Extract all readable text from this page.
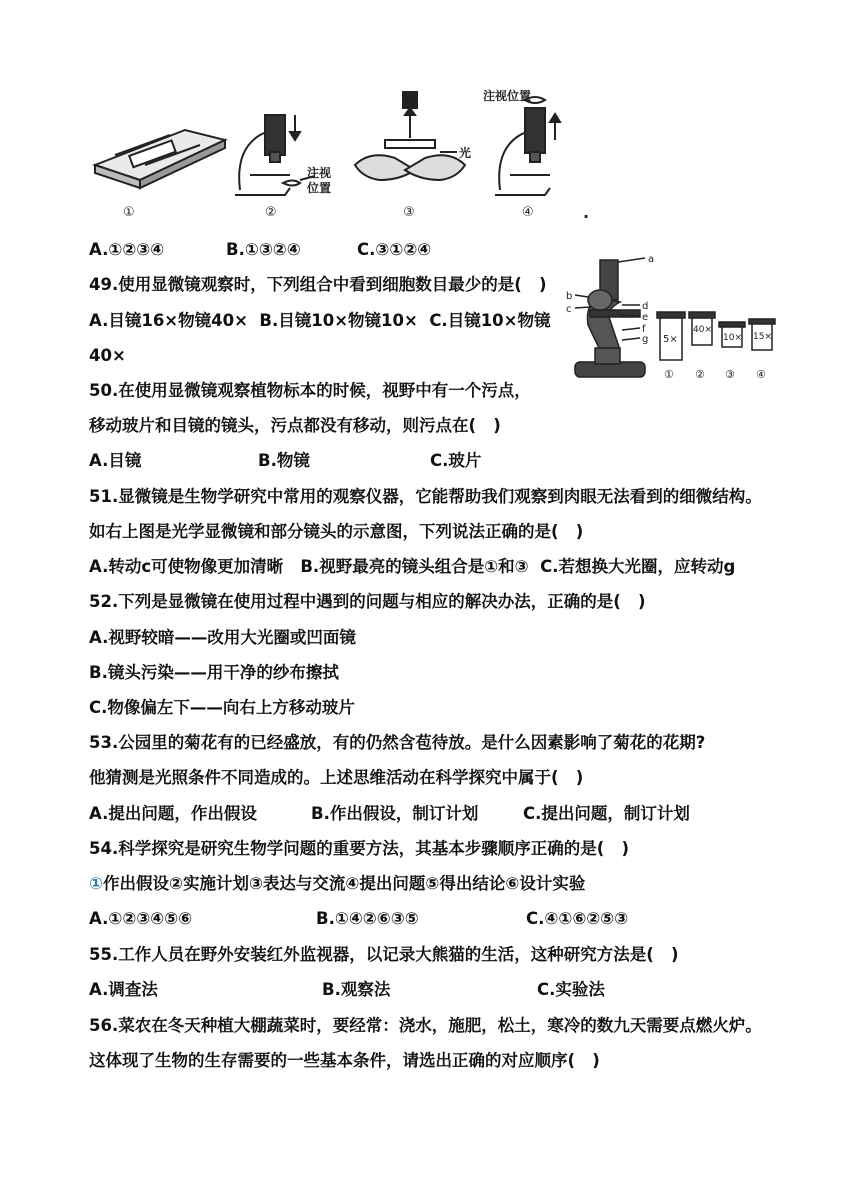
①
注视
位置
②
光
③
注视位置
④	.
A.①②③④	B.①③②④	C.③①②④
49.使用显微镜观察时，下列组合中看到细胞数目最少的是(   )
A.目镜16×物镜40×  B.目镜10×物镜10×  C.目镜10×物镜
40×
a
b
c	d
e
f
g 5×
40×
10× 15×
① ② ③ ④
50.在使用显微镜观察植物标本的时候，视野中有一个污点，
移动玻片和目镜的镜头，污点都没有移动，则污点在(   )
A.目镜	B.物镜	C.玻片
51.显微镜是生物学研究中常用的观察仪器，它能帮助我们观察到肉眼无法看到的细微结构。
如右上图是光学显微镜和部分镜头的示意图，下列说法正确的是(   )
A.转动c可使物像更加清晰   B.视野最亮的镜头组合是①和③  C.若想换大光圈，应转动g
52.下列是显微镜在使用过程中遇到的问题与相应的解决办法，正确的是(   )
A.视野较暗——改用大光圈或凹面镜
B.镜头污染——用干净的纱布擦拭
C.物像偏左下——向右上方移动玻片
53.公园里的菊花有的已经盛放，有的仍然含苞待放。是什么因素影响了菊花的花期?
他猜测是光照条件不同造成的。上述思维活动在科学探究中属于(   )
A.提出问题，作出假设	B.作出假设，制订计划	C.提出问题，制订计划
54.科学探究是研究生物学问题的重要方法，其基本步骤顺序正确的是(   )
①作出假设②实施计划③表达与交流④提出问题⑤得出结论⑥设计实验
A.①②③④⑤⑥	B.①④②⑥③⑤	C.④①⑥②⑤③
55.工作人员在野外安装红外监视器，以记录大熊猫的生活，这种研究方法是(   )
A.调查法	B.观察法	C.实验法
56.菜农在冬天种植大棚蔬菜时，要经常：浇水，施肥，松土，寒冷的数九天需要点燃火炉。
这体现了生物的生存需要的一些基本条件，请选出正确的对应顺序(   )
